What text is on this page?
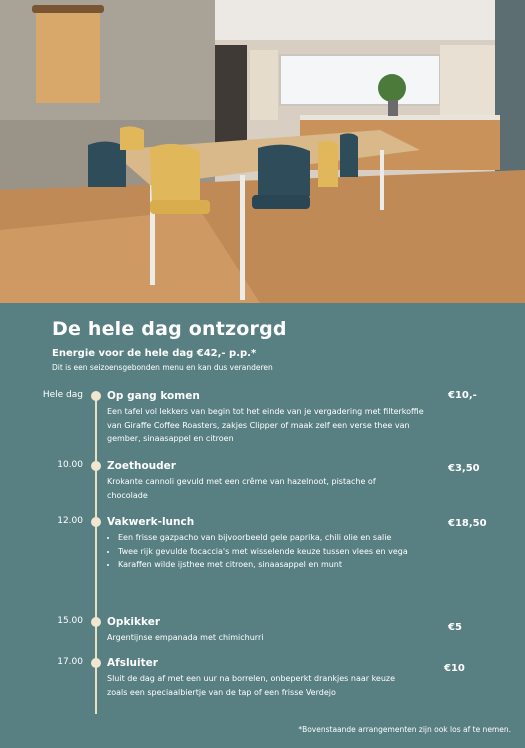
De hele dag ontzorgd
Energie voor de hele dag €42,- p.p.*
Dit is een seizoensgebonden menu en kan dus veranderen
Hele dag Op gang komen
Een tafel vol lekkers van begin tot het einde van je vergadering met filterkoffie van Giraffe Coffee Roasters, zakjes Clipper of maak zelf een verse thee van gember, sinaasappel en citroen
€10,-
10.00 Zoethouder
Krokante cannoli gevuld met een crême van hazelnoot, pistache of chocolade
€3,50
12.00 Vakwerk-lunch
• Een frisse gazpacho van bijvoorbeeld gele paprika, chili olie en salie
• Twee rijk gevulde focaccia's met wisselende keuze tussen vlees en vega
• Karaffen wilde ijsthee met citroen, sinaasappel en munt
€18,50
15.00 Opkikker
Argentijnse empanada met chimichurri
€5
17.00 Afsluiter
Sluit de dag af met een uur na borrelen, onbeperkt drankjes naar keuze zoals een speciaalbiertje van de tap of een frisse Verdejo
€10
*Bovenstaande arrangementen zijn ook los af te nemen.
